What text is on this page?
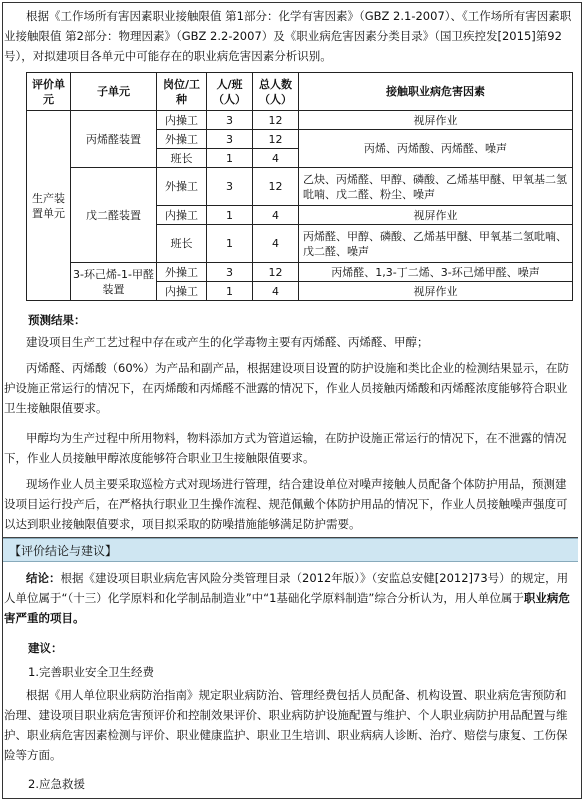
根据《工作场所有害因素职业接触限值 第1部分：化学有害因素》（GBZ 2.1-2007）、《工作场所有害因素职业接触限值 第2部分：物理因素》（GBZ 2.2-2007）及《职业病危害因素分类目录》（国卫疾控发[2015]第92号），对拟建项目各单元中可能存在的职业病危害因素分析识别。

评价单元	子单元	岗位/工种	人/班（人）	总人数（人）	接触职业病危害因素
生产装置单元	丙烯醛装置	内操工	3	12	视屏作业
		外操工	3	12	丙烯、丙烯酸、丙烯醛、噪声
		班长	1	4	
	戊二醛装置	外操工	3	12	乙炔、丙烯醛、甲醇、磷酸、乙烯基甲醚、甲氧基二氢吡喃、戊二醛、粉尘、噪声
		内操工	1	4	视屏作业
		班长	1	4	丙烯醛、甲醇、磷酸、乙烯基甲醚、甲氧基二氢吡喃、戊二醛、噪声
	3-环己烯-1-甲醛装置	外操工	3	12	丙烯醛、1,3-丁二烯、3-环己烯甲醛、噪声
		内操工	1	4	视屏作业

预测结果：

建设项目生产工艺过程中存在或产生的化学毒物主要有丙烯醛、丙烯醛、甲醇；

丙烯醛、丙烯酸（60%）为产品和副产品，根据建设项目设置的防护设施和类比企业的检测结果显示，在防护设施正常运行的情况下，在丙烯酸和丙烯醛不泄露的情况下，作业人员接触丙烯酸和丙烯醛浓度能够符合职业卫生接触限值要求。

甲醇均为生产过程中所用物料，物料添加方式为管道运输，在防护设施正常运行的情况下，在不泄露的情况下，作业人员接触甲醇浓度能够符合职业卫生接触限值要求。

现场作业人员主要采取巡检方式对现场进行管理，结合建设单位对噪声接触人员配备个体防护用品，预测建设项目运行投产后，在严格执行职业卫生操作流程、规范佩戴个体防护用品的情况下，作业人员接触噪声强度可以达到职业接触限值要求，项目拟采取的防噪措施能够满足防护需要。

【评价结论与建议】

结论：根据《建设项目职业病危害风险分类管理目录（2012年版）》（安监总安健[2012]73号）的规定，用人单位属于“（十三）化学原料和化学制品制造业”中“1基础化学原料制造”综合分析认为，用人单位属于职业病危害严重的项目。

建议：

1.完善职业安全卫生经费

根据《用人单位职业病防治指南》规定职业病防治、管理经费包括人员配备、机构设置、职业病危害预防和治理、建设项目职业病危害预评价和控制效果评价、职业病防护设施配置与维护、个人职业病防护用品配置与维护、职业病危害因素检测与评价、职业健康监护、职业卫生培训、职业病病人诊断、治疗、赔偿与康复、工伤保险等方面。

2.应急救援
